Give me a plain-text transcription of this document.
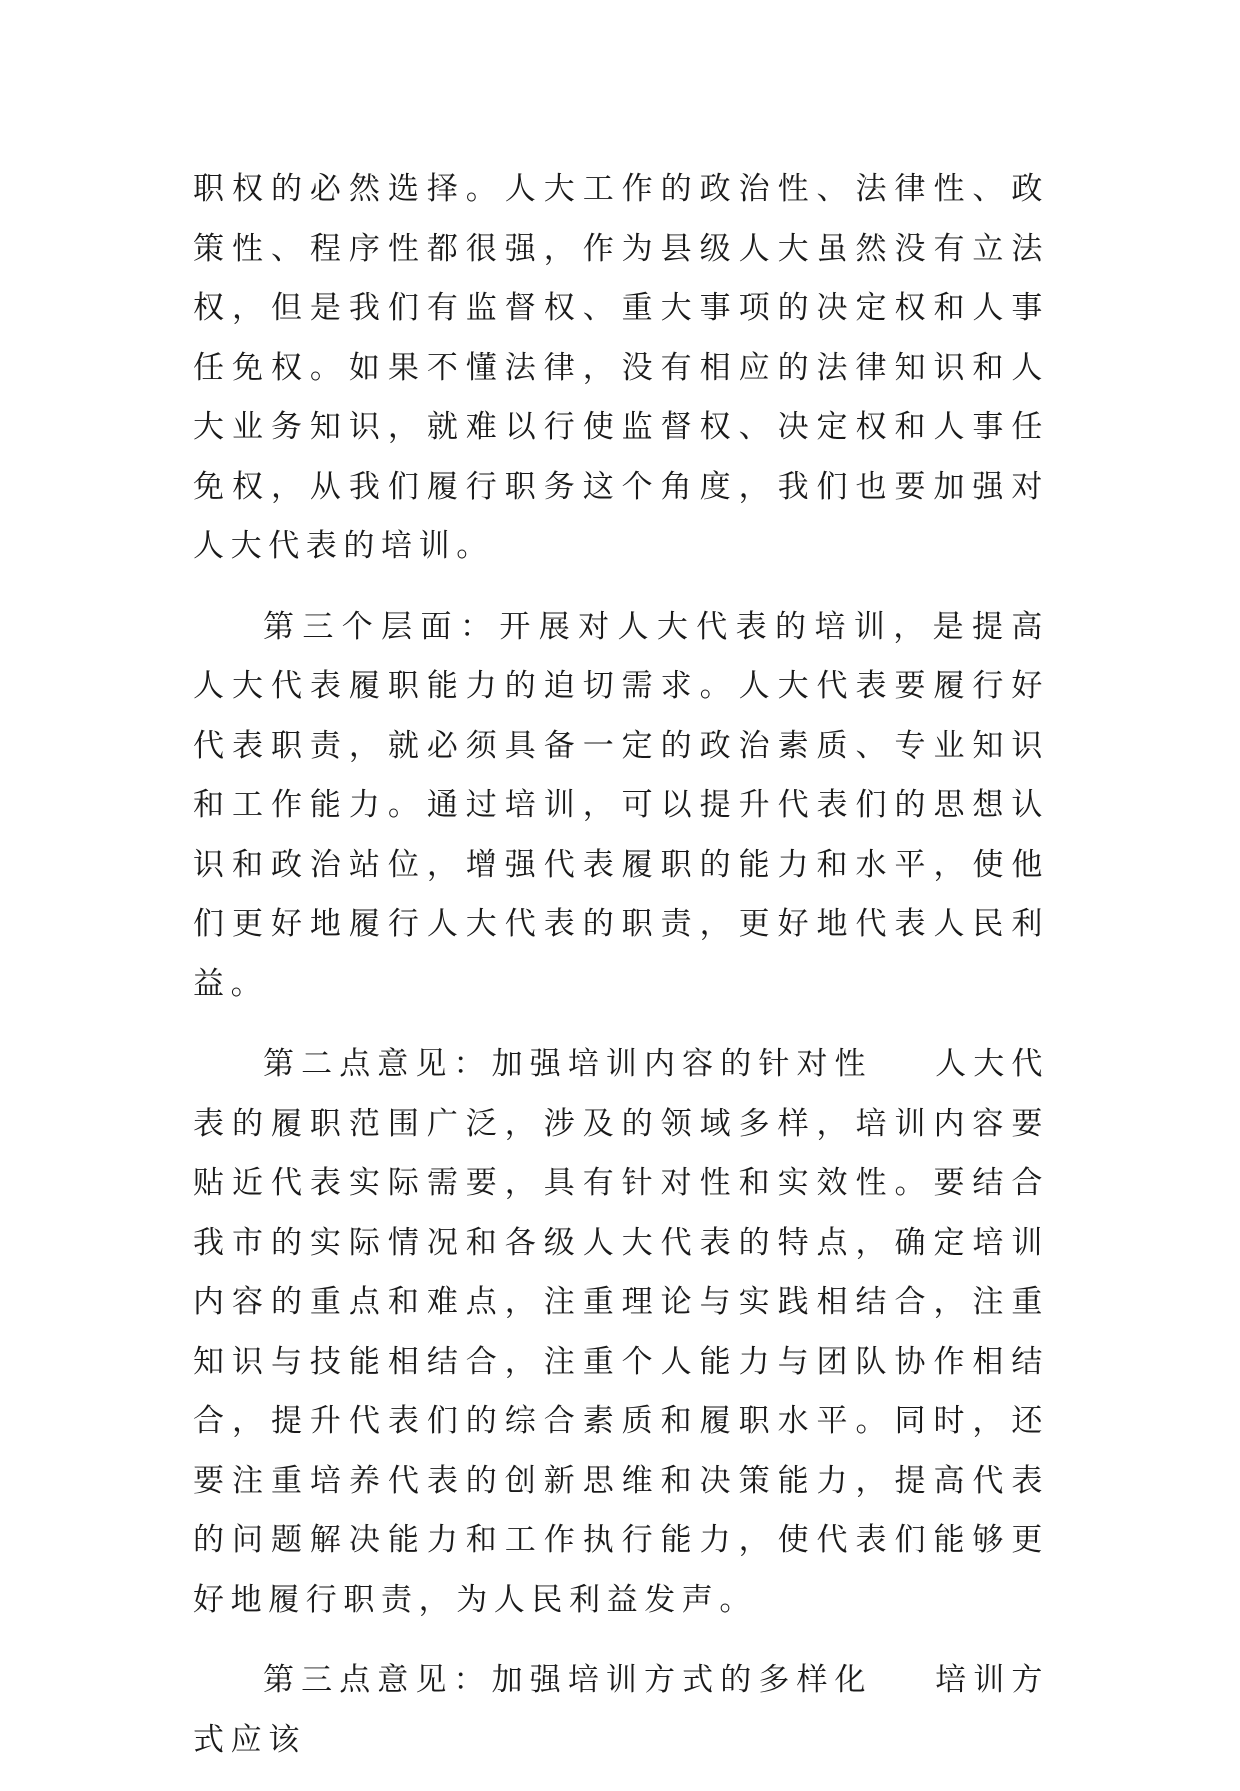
职权的必然选择。人大工作的政治性、法律性、政策性、程序性都很强，作为县级人大虽然没有立法权，但是我们有监督权、重大事项的决定权和人事任免权。如果不懂法律，没有相应的法律知识和人大业务知识，就难以行使监督权、决定权和人事任免权，从我们履行职务这个角度，我们也要加强对人大代表的培训。

第三个层面：开展对人大代表的培训，是提高人大代表履职能力的迫切需求。人大代表要履行好代表职责，就必须具备一定的政治素质、专业知识和工作能力。通过培训，可以提升代表们的思想认识和政治站位，增强代表履职的能力和水平，使他们更好地履行人大代表的职责，更好地代表人民利益。

第二点意见：加强培训内容的针对性 人大代表的履职范围广泛，涉及的领域多样，培训内容要贴近代表实际需要，具有针对性和实效性。要结合我市的实际情况和各级人大代表的特点，确定培训内容的重点和难点，注重理论与实践相结合，注重知识与技能相结合，注重个人能力与团队协作相结合，提升代表们的综合素质和履职水平。同时，还要注重培养代表的创新思维和决策能力，提高代表的问题解决能力和工作执行能力，使代表们能够更好地履行职责，为人民利益发声。

第三点意见：加强培训方式的多样化 培训方式应该
